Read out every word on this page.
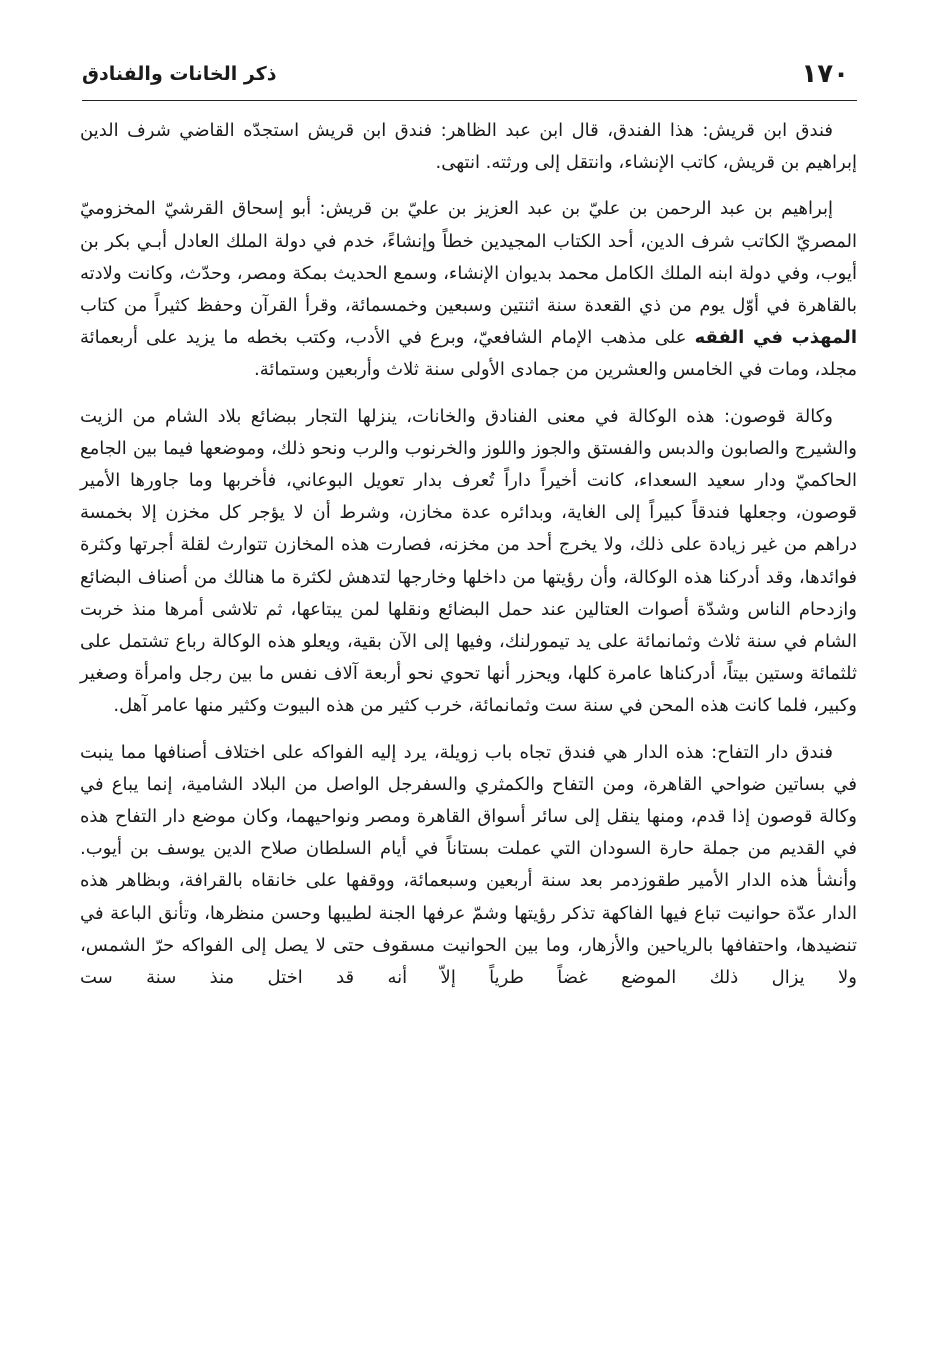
١٧٠
ذكر الخانات والفنادق

فندق ابن قريش: هذا الفندق، قال ابن عبد الظاهر: فندق ابن قريش استجدّه القاضي شرف الدين إبراهيم بن قريش، كاتب الإنشاء، وانتقل إلى ورثته. انتهى.

إبراهيم بن عبد الرحمن بن عليّ بن عبد العزيز بن عليّ بن قريش: أبو إسحاق القرشيّ المخزوميّ المصريّ الكاتب شرف الدين، أحد الكتاب المجيدين خطاً وإنشاءً، خدم في دولة الملك العادل أبـي بكر بن أيوب، وفي دولة ابنه الملك الكامل محمد بديوان الإنشاء، وسمع الحديث بمكة ومصر، وحدّث، وكانت ولادته بالقاهرة في أوّل يوم من ذي القعدة سنة اثنتين وسبعين وخمسمائة، وقرأ القرآن وحفظ كثيراً من كتاب المهذب في الفقه على مذهب الإمام الشافعيّ، وبرع في الأدب، وكتب بخطه ما يزيد على أربعمائة مجلد، ومات في الخامس والعشرين من جمادى الأولى سنة ثلاث وأربعين وستمائة.

وكالة قوصون: هذه الوكالة في معنى الفنادق والخانات، ينزلها التجار ببضائع بلاد الشام من الزيت والشيرج والصابون والدبس والفستق والجوز واللوز والخرنوب والرب ونحو ذلك، وموضعها فيما بين الجامع الحاكميّ ودار سعيد السعداء، كانت أخيراً داراً تُعرف بدار تعويل البوعاني، فأخربها وما جاورها الأمير قوصون، وجعلها فندقاً كبيراً إلى الغاية، وبدائره عدة مخازن، وشرط أن لا يؤجر كل مخزن إلا بخمسة دراهم من غير زيادة على ذلك، ولا يخرج أحد من مخزنه، فصارت هذه المخازن تتوارث لقلة أجرتها وكثرة فوائدها، وقد أدركنا هذه الوكالة، وأن رؤيتها من داخلها وخارجها لتدهش لكثرة ما هنالك من أصناف البضائع وازدحام الناس وشدّة أصوات العتالين عند حمل البضائع ونقلها لمن يبتاعها، ثم تلاشى أمرها منذ خربت الشام في سنة ثلاث وثمانمائة على يد تيمورلنك، وفيها إلى الآن بقية، ويعلو هذه الوكالة رباع تشتمل على ثلثمائة وستين بيتاً، أدركناها عامرة كلها، ويحزر أنها تحوي نحو أربعة آلاف نفس ما بين رجل وامرأة وصغير وكبير، فلما كانت هذه المحن في سنة ست وثمانمائة، خرب كثير من هذه البيوت وكثير منها عامر آهل.

فندق دار التفاح: هذه الدار هي فندق تجاه باب زويلة، يرد إليه الفواكه على اختلاف أصنافها مما ينبت في بساتين ضواحي القاهرة، ومن التفاح والكمثري والسفرجل الواصل من البلاد الشامية، إنما يباع في وكالة قوصون إذا قدم، ومنها ينقل إلى سائر أسواق القاهرة ومصر ونواحيهما، وكان موضع دار التفاح هذه في القديم من جملة حارة السودان التي عملت بستاناً في أيام السلطان صلاح الدين يوسف بن أيوب. وأنشأ هذه الدار الأمير طقوزدمر بعد سنة أربعين وسبعمائة، ووقفها على خانقاه بالقرافة، وبظاهر هذه الدار عدّة حوانيت تباع فيها الفاكهة تذكر رؤيتها وشمّ عرفها الجنة لطيبها وحسن منظرها، وتأنق الباعة في تنضيدها، واحتفافها بالرياحين والأزهار، وما بين الحوانيت مسقوف حتى لا يصل إلى الفواكه حرّ الشمس، ولا يزال ذلك الموضع غضاً طرياً إلاّ أنه قد اختل منذ سنة ست
